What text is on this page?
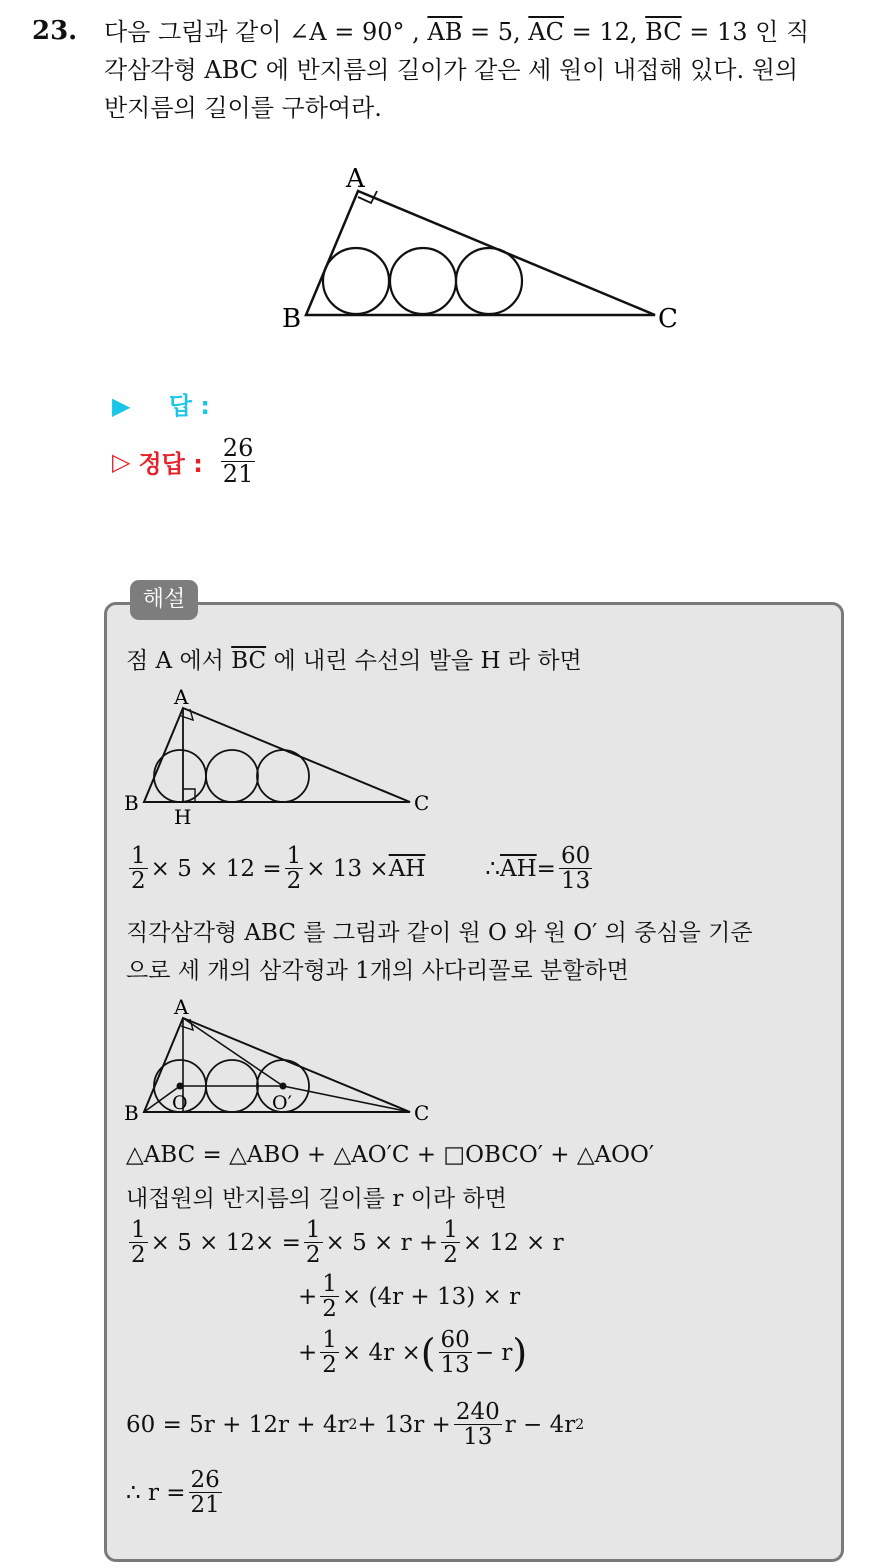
23. 다음 그림과 같이 ∠A = 90° , $\overline{AB} = 5$, $\overline{AC} = 12$, $\overline{BC} = 13$ 인 직
각삼각형 ABC 에 반지름의 길이가 같은 세 원이 내접해 있다. 원의
반지름의 길이를 구하여라.
A
B	C
▶ 답 :
▷ 정답 : $\frac{26}{21}$
해설
점 A 에서 $\overline{BC}$ 에 내린 수선의 발을 H 라 하면
A
B	C
H
$\frac{1}{2} \times 5 \times 12 = \frac{1}{2} \times 13 \times \overline{AH}$	∴ $\overline{AH} = \frac{60}{13}$
직각삼각형 ABC 를 그림과 같이 원 O 와 원 O′ 의 중심을 기준
으로 세 개의 삼각형과 1개의 사다리꼴로 분할하면
A
B	C
O	O′
△ABC = △ABO + △AO′C + □OBCO′ + △AOO′
내접원의 반지름의 길이를 r 이라 하면
$\frac{1}{2} \times 5 \times 12\times = \frac{1}{2} \times 5 \times r + \frac{1}{2} \times 12 \times r$
+ $\frac{1}{2} \times (4r + 13) \times r$
+ $\frac{1}{2} \times 4r$ × ( $\frac{60}{13} - r$ )
60 = 5r + 12r + 4r $2 + 13r + \frac{240}{13}$ r − 4r 2
∴ $r = \frac{26}{21}$
